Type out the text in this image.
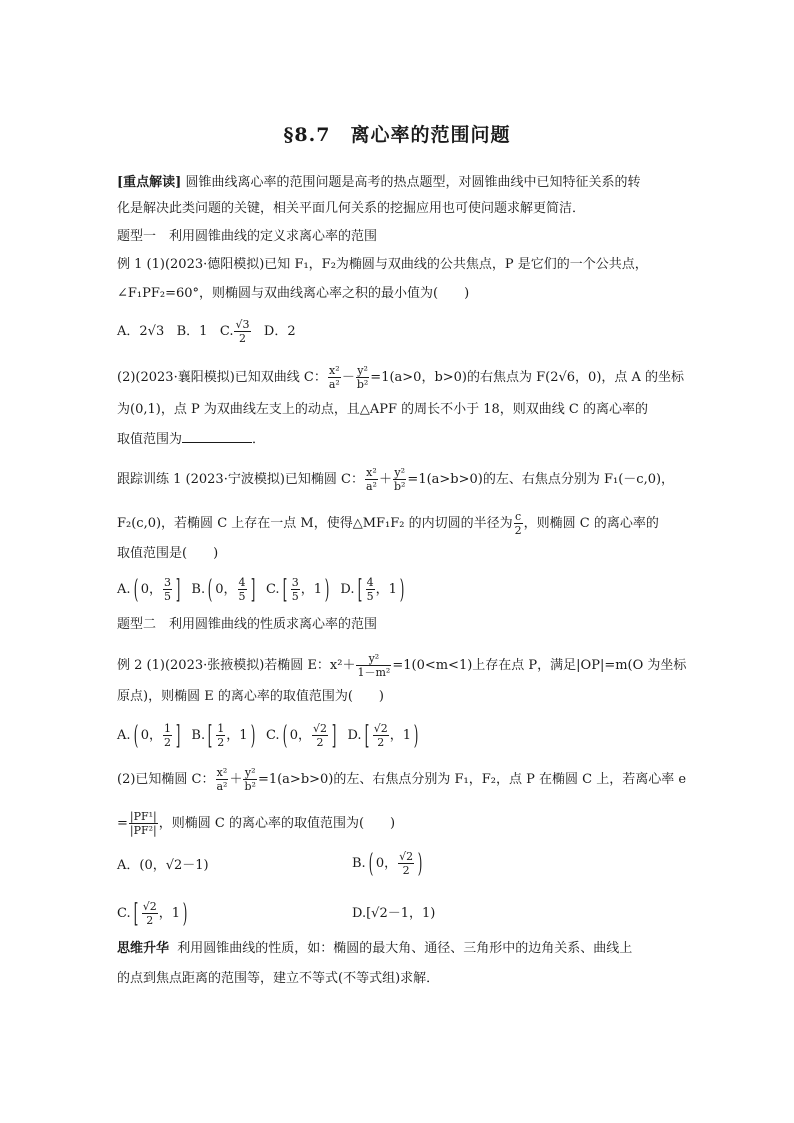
§8.7　离心率的范围问题
[重点解读] 圆锥曲线离心率的范围问题是高考的热点题型，对圆锥曲线中已知特征关系的转
化是解决此类问题的关键，相关平面几何关系的挖掘应用也可使问题求解更简洁．
题型一　利用圆锥曲线的定义求离心率的范围
例 1 (1)(2023·德阳模拟)已知 F₁，F₂为椭圆与双曲线的公共焦点，P 是它们的一个公共点，
∠F₁PF₂=60°，则椭圆与双曲线离心率之积的最小值为(　　)
A．2√3 B．1 C. $\frac{√3}{2}$ D．2
(2)(2023·襄阳模拟)已知双曲线 C： $\frac{\text{x²}}{\text{a²}} - \frac{\text{y²}}{\text{b²}} =1(a>0$，b>0)的右焦点为 F(2√6，0)，点 A 的坐标
为(0,1)，点 P 为双曲线左支上的动点，且△APF 的周长不小于 18，则双曲线 C 的离心率的
取值范围为	．
跟踪训练 1 (2023·宁波模拟)已知椭圆 C： $\frac{\text{x²}}{\text{a²}} + \frac{\text{y²}}{\text{b²}} =1(a>b>0)$的左、右焦点分别为 F₁(－c,0)，
F₂(c,0)，若椭圆 C 上存在一点 M，使得△MF₁F₂ 的内切圆的半径为 $\frac{c}{2}$ ，则椭圆 C 的离心率的
取值范围是(　　)
A. ( 0， $\frac{3}{5}$ ] B. ( 0， $\frac{4}{5}$ ] C. [ $\frac{3}{5}$ ，1 ) D. [ $\frac{4}{5}$ ，1 )
题型二　利用圆锥曲线的性质求离心率的范围
例 2 (1)(2023·张掖模拟)若椭圆 E：$x^2+ \frac{\text{y²}}{\text{1－m²}} =1(0<m<1)$上存在点 P，满足|OP|=m(O 为坐标
原点)，则椭圆 E 的离心率的取值范围为(　　)
A. ( 0， $\frac{1}{2}$ ] B. [ $\frac{1}{2}$ ，1 ) C. ( 0， $\frac{√2}{2}$ ] D. [ $\frac{√2}{2}$ ，1 )
(2)已知椭圆 C： $\frac{\text{x²}}{\text{a²}} + \frac{\text{y²}}{\text{b²}} =1(a>b>0)$的左、右焦点分别为 F₁，F₂，点 P 在椭圆 C 上，若离心率 e
= $\frac{\text{|PF¹|}}{\text{|PF²|}}$ ，则椭圆 C 的离心率的取值范围为(　　)
A．(0，√2－1)	B. ( 0， $\frac{√2}{2}$ )
C. [ $\frac{√2}{2}$ ，1 )	D.[√2－1，1)
思维升华 利用圆锥曲线的性质，如：椭圆的最大角、通径、三角形中的边角关系、曲线上
的点到焦点距离的范围等，建立不等式(不等式组)求解．
